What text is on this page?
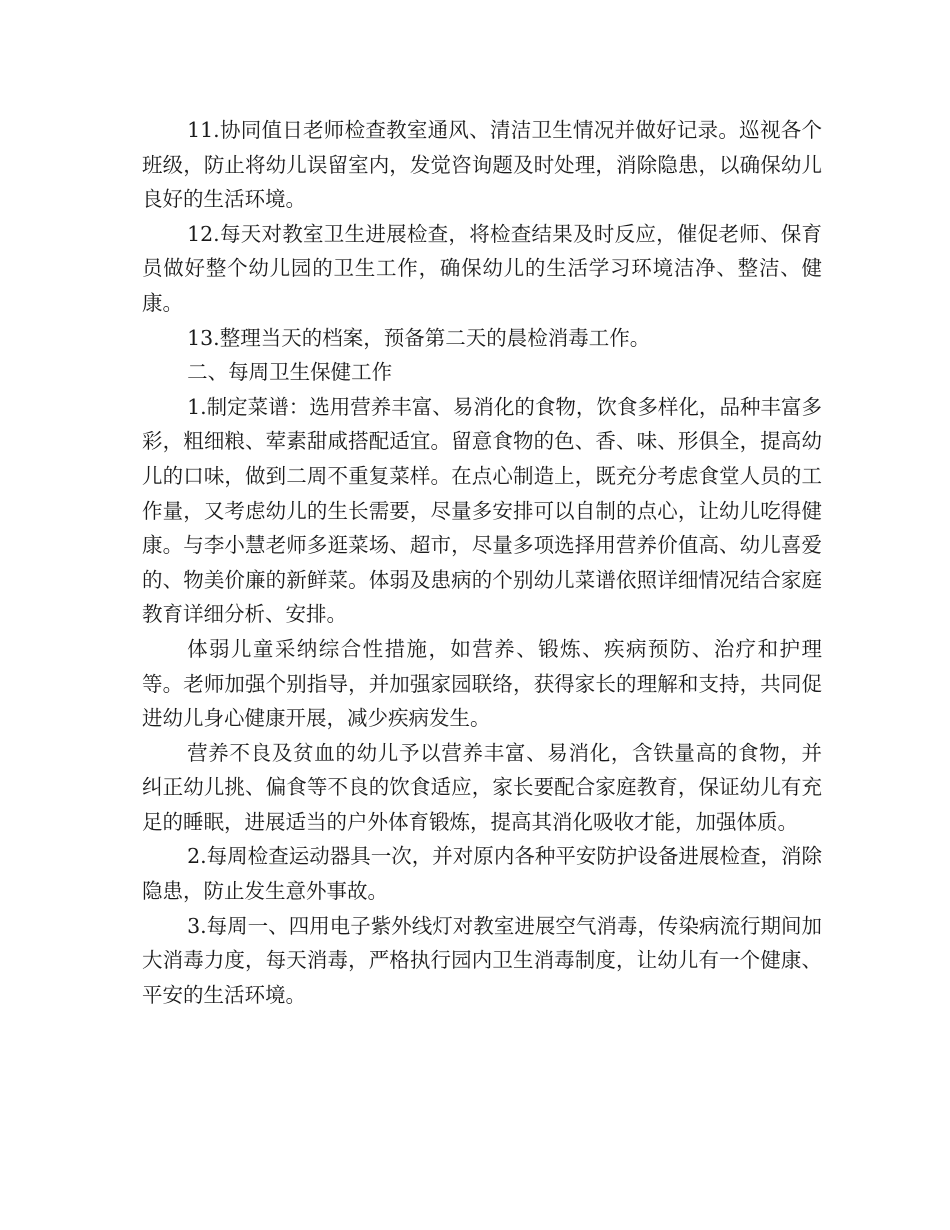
11.协同值日老师检查教室通风、清洁卫生情况并做好记录。巡视各个班级，防止将幼儿误留室内，发觉咨询题及时处理，消除隐患，以确保幼儿良好的生活环境。

12.每天对教室卫生进展检查，将检查结果及时反应，催促老师、保育员做好整个幼儿园的卫生工作，确保幼儿的生活学习环境洁净、整洁、健康。

13.整理当天的档案，预备第二天的晨检消毒工作。

二、每周卫生保健工作

1.制定菜谱：选用营养丰富、易消化的食物，饮食多样化，品种丰富多彩，粗细粮、荤素甜咸搭配适宜。留意食物的色、香、味、形俱全，提高幼儿的口味，做到二周不重复菜样。在点心制造上，既充分考虑食堂人员的工作量，又考虑幼儿的生长需要，尽量多安排可以自制的点心，让幼儿吃得健康。与李小慧老师多逛菜场、超市，尽量多项选择用营养价值高、幼儿喜爱的、物美价廉的新鲜菜。体弱及患病的个别幼儿菜谱依照详细情况结合家庭教育详细分析、安排。

体弱儿童采纳综合性措施，如营养、锻炼、疾病预防、治疗和护理等。老师加强个别指导，并加强家园联络，获得家长的理解和支持，共同促进幼儿身心健康开展，减少疾病发生。

营养不良及贫血的幼儿予以营养丰富、易消化，含铁量高的食物，并纠正幼儿挑、偏食等不良的饮食适应，家长要配合家庭教育，保证幼儿有充足的睡眠，进展适当的户外体育锻炼，提高其消化吸收才能，加强体质。

2.每周检查运动器具一次，并对原内各种平安防护设备进展检查，消除隐患，防止发生意外事故。

3.每周一、四用电子紫外线灯对教室进展空气消毒，传染病流行期间加大消毒力度，每天消毒，严格执行园内卫生消毒制度，让幼儿有一个健康、平安的生活环境。
